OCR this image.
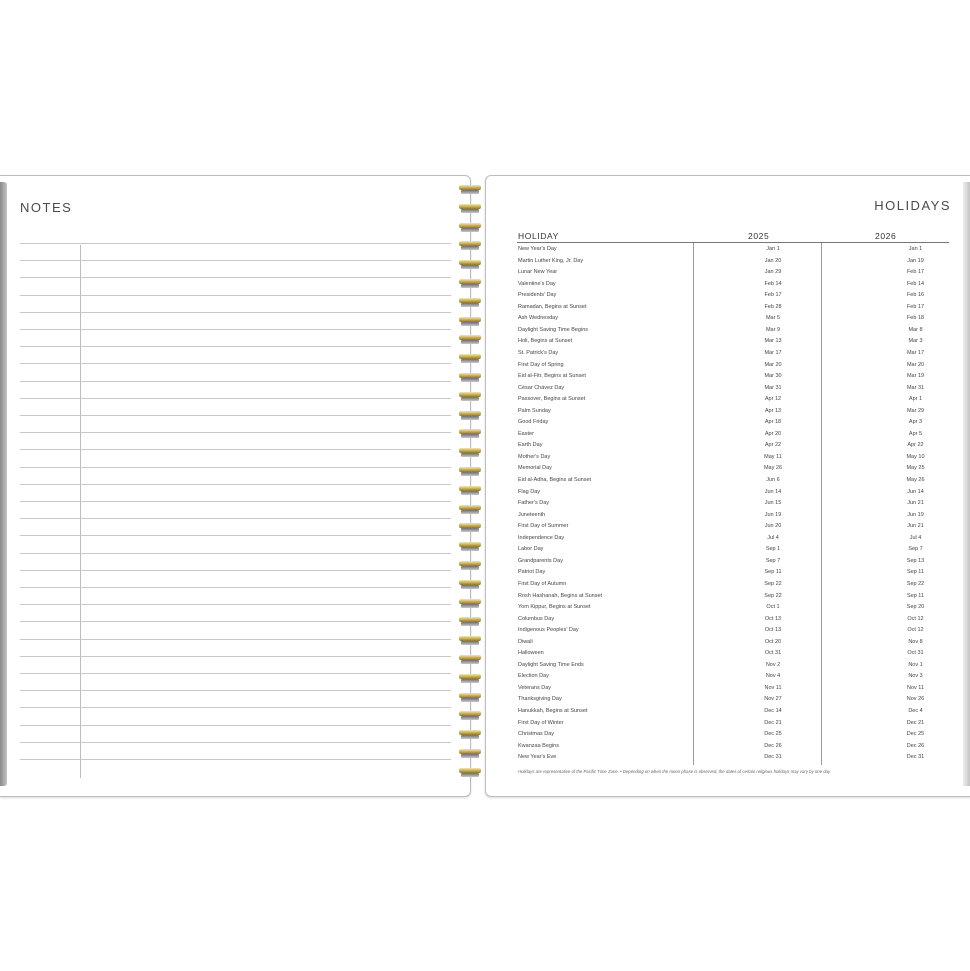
NOTES	HOLIDAYS
HOLIDAY	2025	2026
New Year's Day	Jan 1	Jan 1
Martin Luther King, Jr. Day	Jan 20	Jan 19
Lunar New Year	Jan 29	Feb 17
Valentine's Day	Feb 14	Feb 14
Presidents' Day	Feb 17	Feb 16
Ramadan, Begins at Sunset	Feb 28	Feb 17
Ash Wednesday	Mar 5	Feb 18
Daylight Saving Time Begins	Mar 9	Mar 8
Holi, Begins at Sunset	Mar 13	Mar 3
St. Patrick's Day	Mar 17	Mar 17
First Day of Spring	Mar 20	Mar 20
Eid al-Fitr, Begins at Sunset	Mar 30	Mar 19
César Chávez Day	Mar 31	Mar 31
Passover, Begins at Sunset	Apr 12	Apr 1
Palm Sunday	Apr 13	Mar 29
Good Friday	Apr 18	Apr 3
Easter	Apr 20	Apr 5
Earth Day	Apr 22	Apr 22
Mother's Day	May 11	May 10
Memorial Day	May 26	May 25
Eid al-Adha, Begins at Sunset	Jun 6	May 26
Flag Day	Jun 14	Jun 14
Father's Day	Jun 15	Jun 21
Juneteenth	Jun 19	Jun 19
First Day of Summer	Jun 20	Jun 21
Independence Day	Jul 4	Jul 4
Labor Day	Sep 1	Sep 7
Grandparents Day	Sep 7	Sep 13
Patriot Day	Sep 11	Sep 11
First Day of Autumn	Sep 22	Sep 22
Rosh Hashanah, Begins at Sunset	Sep 22	Sep 11
Yom Kippur, Begins at Sunset	Oct 1	Sep 20
Columbus Day	Oct 13	Oct 12
Indigenous Peoples' Day	Oct 13	Oct 12
Diwali	Oct 20	Nov 8
Halloween	Oct 31	Oct 31
Daylight Saving Time Ends	Nov 2	Nov 1
Election Day	Nov 4	Nov 3
Veterans Day	Nov 11	Nov 11
Thanksgiving Day	Nov 27	Nov 26
Hanukkah, Begins at Sunset	Dec 14	Dec 4
First Day of Winter	Dec 21	Dec 21
Christmas Day	Dec 25	Dec 25
Kwanzaa Begins	Dec 26	Dec 26
New Year's Eve	Dec 31	Dec 31
Holidays are representative of the Pacific Time Zone. • Depending on when the moon phase is observed, the dates of certain religious holidays may vary by one day.
